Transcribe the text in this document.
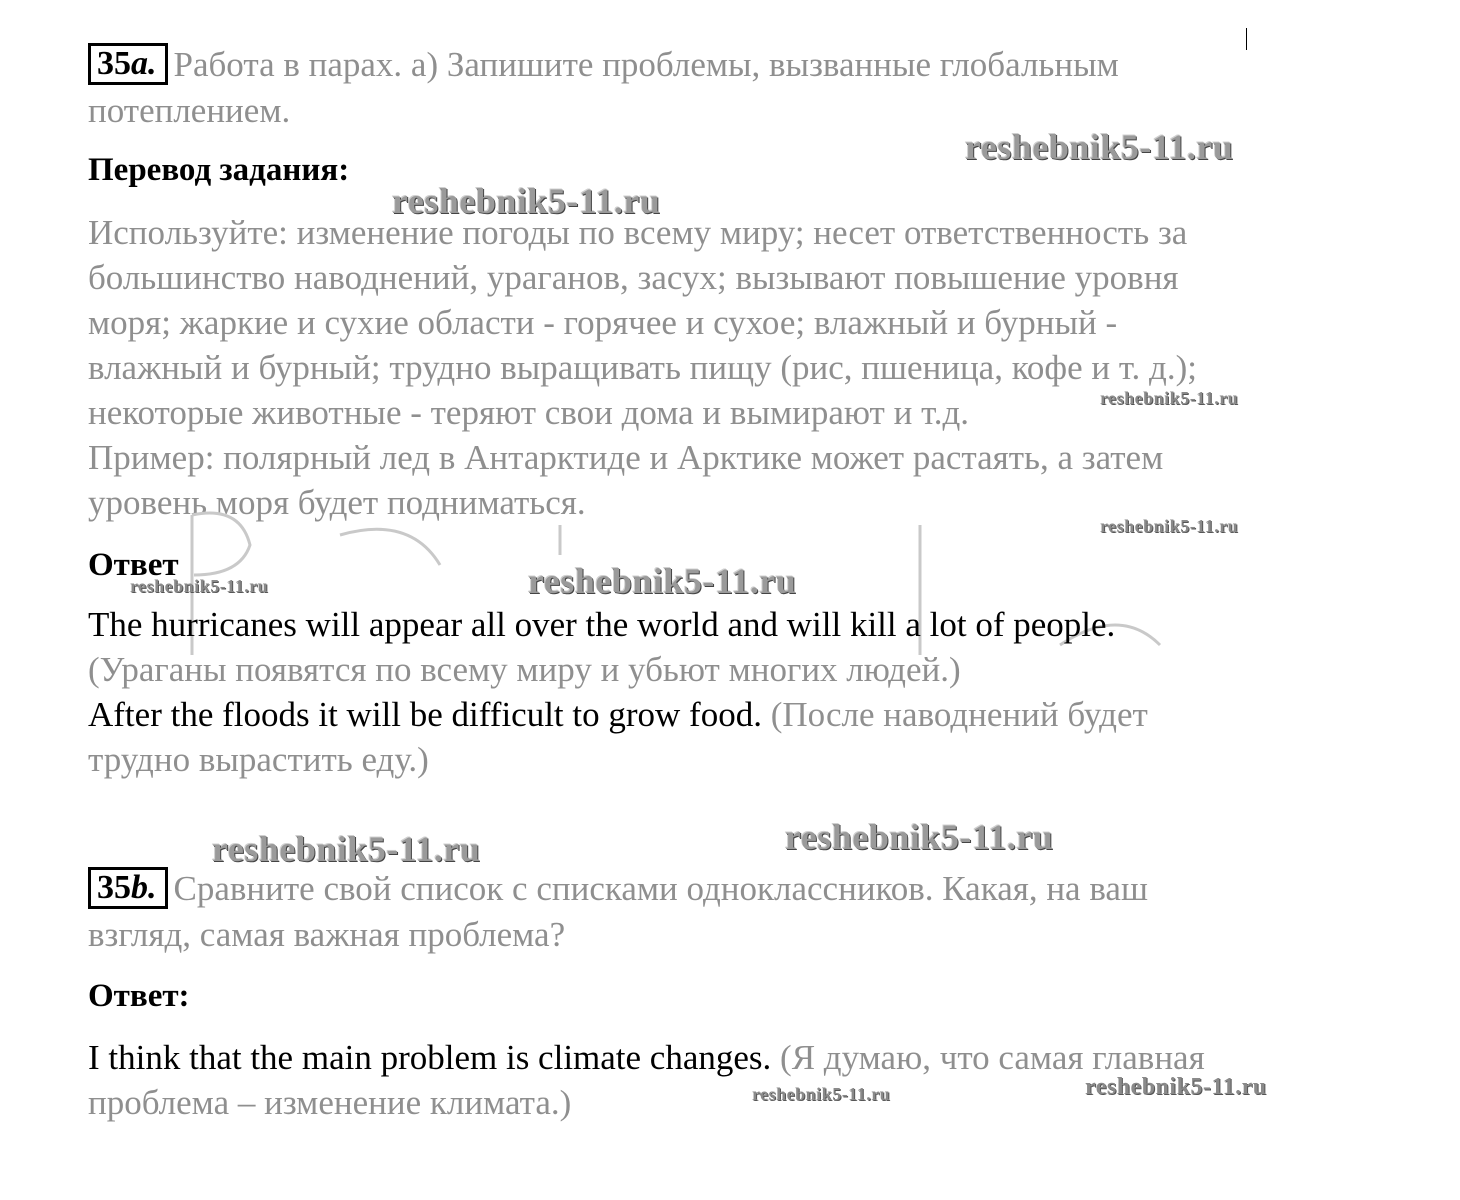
35a. Работа в парах. а) Запишите проблемы, вызванные глобальным
потеплением.
Перевод задания:
Используйте: изменение погоды по всему миру; несет ответственность за
большинство наводнений, ураганов, засух; вызывают повышение уровня
моря; жаркие и сухие области - горячее и сухое; влажный и бурный -
влажный и бурный; трудно выращивать пищу (рис, пшеница, кофе и т. д.);
некоторые животные - теряют свои дома и вымирают и т.д.
Пример: полярный лед в Антарктиде и Арктике может растаять, а затем
уровень моря будет подниматься.
Ответ
The hurricanes will appear all over the world and will kill a lot of people.
(Ураганы появятся по всему миру и убьют многих людей.)
After the floods it will be difficult to grow food. (После наводнений будет
трудно вырастить еду.)
35b. Сравните свой список с списками одноклассников. Какая, на ваш
взгляд, самая важная проблема?
Ответ:
I think that the main problem is climate changes. (Я думаю, что самая главная
проблема – изменение климата.)
reshebnik5-11.ru
reshebnik5-11.ru
reshebnik5-11.ru
reshebnik5-11.ru
reshebnik5-11.ru	reshebnik5-11.ru
reshebnik5-11.ru	reshebnik5-11.ru
reshebnik5-11.ru	reshebnik5-11.ru
